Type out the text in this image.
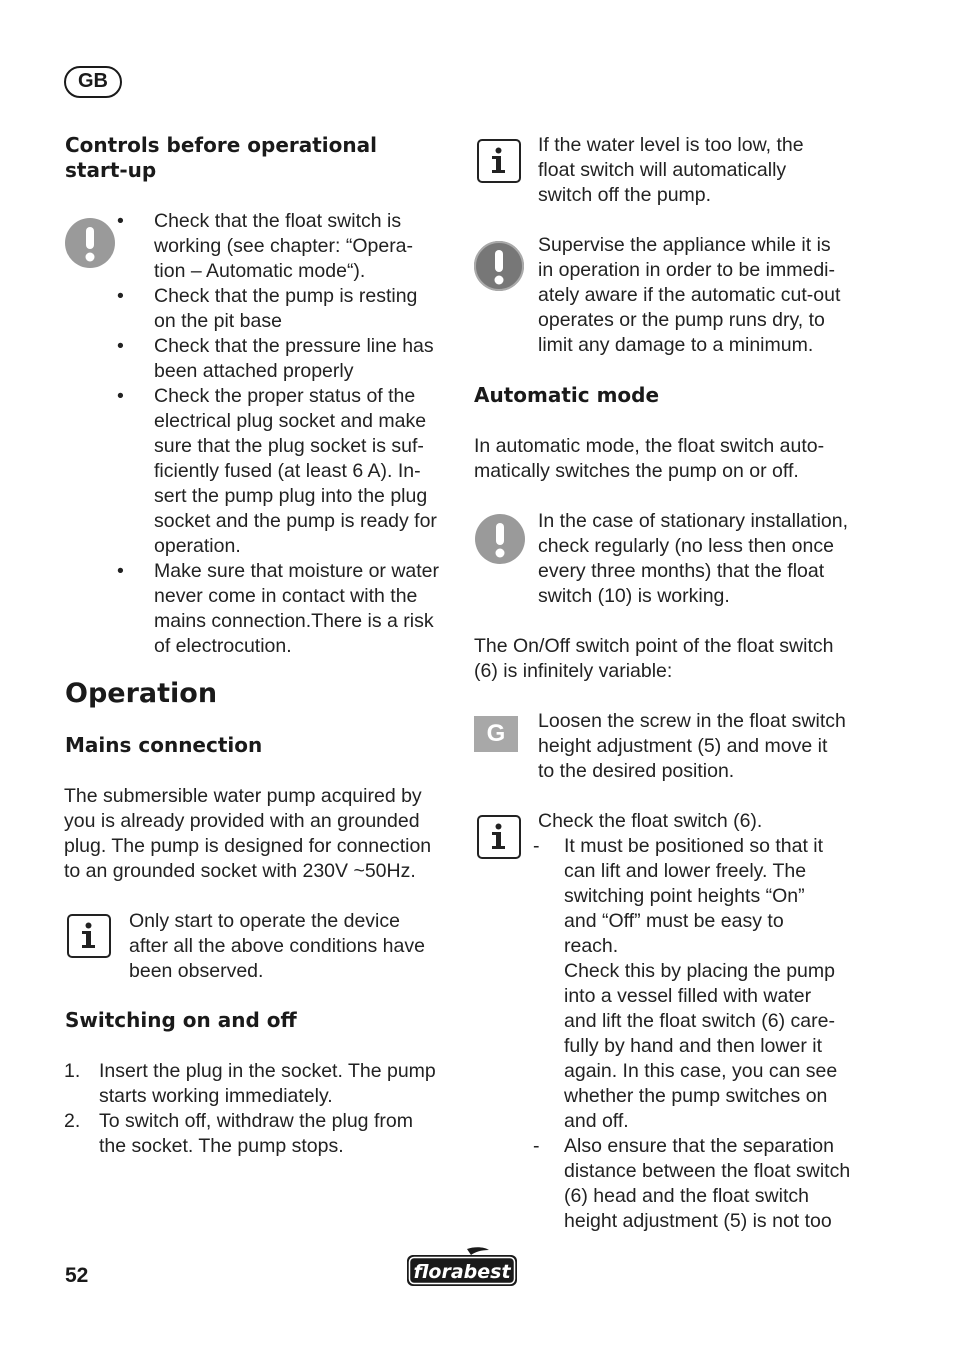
GB
Controls before operational
start-up
• Check that the float switch is
working (see chapter: “Opera-
tion – Automatic mode“).
• Check that the pump is resting
on the pit base
• Check that the pressure line has
been attached properly
• Check the proper status of the
electrical plug socket and make
sure that the plug socket is suf-
ficiently fused (at least 6 A). In-
sert the pump plug into the plug
socket and the pump is ready for
operation.
• Make sure that moisture or water
never come in contact with the
mains connection.There is a risk
of electrocution.
Operation
Mains connection
The submersible water pump acquired by
you is already provided with an grounded
plug. The pump is designed for connection
to an grounded socket with 230V ~50Hz.
Only start to operate the device
after all the above conditions have
been observed.
Switching on and off
1. Insert the plug in the socket. The pump
starts working immediately.
2. To switch off, withdraw the plug from
the socket. The pump stops.
If the water level is too low, the
float switch will automatically
switch off the pump.
Supervise the appliance while it is
in operation in order to be immedi-
ately aware if the automatic cut-out
operates or the pump runs dry, to
limit any damage to a minimum.
Automatic mode
In automatic mode, the float switch auto-
matically switches the pump on or off.
In the case of stationary installation,
check regularly (no less then once
every three months) that the float
switch (10) is working.
The On/Off switch point of the float switch
(6) is infinitely variable:
G	Loosen the screw in the float switch
height adjustment (5) and move it
to the desired position.
Check the float switch (6).
- It must be positioned so that it
can lift and lower freely. The
switching point heights “On”
and “Off” must be easy to
reach.
Check this by placing the pump
into a vessel filled with water
and lift the float switch (6) care-
fully by hand and then lower it
again. In this case, you can see
whether the pump switches on
and off.
- Also ensure that the separation
distance between the float switch
(6) head and the float switch
height adjustment (5) is not too
52	florabest
